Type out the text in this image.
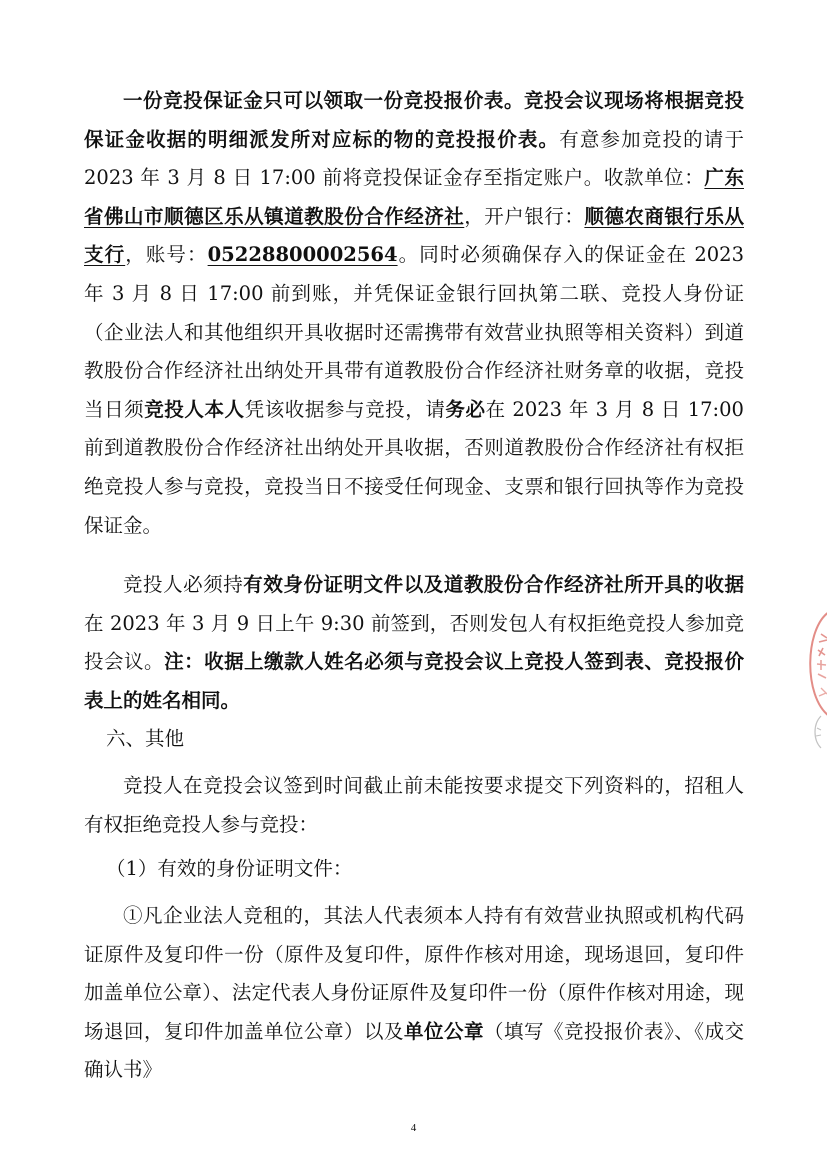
一份竞投保证金只可以领取一份竞投报价表。竞投会议现场将根据竞投保证金收据的明细派发所对应标的物的竞投报价表。有意参加竞投的请于 2023 年 3 月 8 日 17:00 前将竞投保证金存至指定账户。收款单位：广东省佛山市顺德区乐从镇道教股份合作经济社，开户银行：顺德农商银行乐从支行，账号：05228800002564。同时必须确保存入的保证金在 2023 年 3 月 8 日 17:00 前到账，并凭保证金银行回执第二联、竞投人身份证（企业法人和其他组织开具收据时还需携带有效营业执照等相关资料）到道教股份合作经济社出纳处开具带有道教股份合作经济社财务章的收据，竞投当日须竞投人本人凭该收据参与竞投，请务必在 2023 年 3 月 8 日 17:00 前到道教股份合作经济社出纳处开具收据，否则道教股份合作经济社有权拒绝竞投人参与竞投，竞投当日不接受任何现金、支票和银行回执等作为竞投保证金。

竞投人必须持有效身份证明文件以及道教股份合作经济社所开具的收据在 2023 年 3 月 9 日上午 9:30 前签到，否则发包人有权拒绝竞投人参加竞投会议。注：收据上缴款人姓名必须与竞投会议上竞投人签到表、竞投报价表上的姓名相同。

六、其他

竞投人在竞投会议签到时间截止前未能按要求提交下列资料的，招租人有权拒绝竞投人参与竞投：

（1）有效的身份证明文件：

①凡企业法人竞租的，其法人代表须本人持有有效营业执照或机构代码证原件及复印件一份（原件及复印件，原件作核对用途，现场退回，复印件加盖单位公章）、法定代表人身份证原件及复印件一份（原件作核对用途，现场退回，复印件加盖单位公章）以及单位公章（填写《竞投报价表》、《成交确认书》

4
